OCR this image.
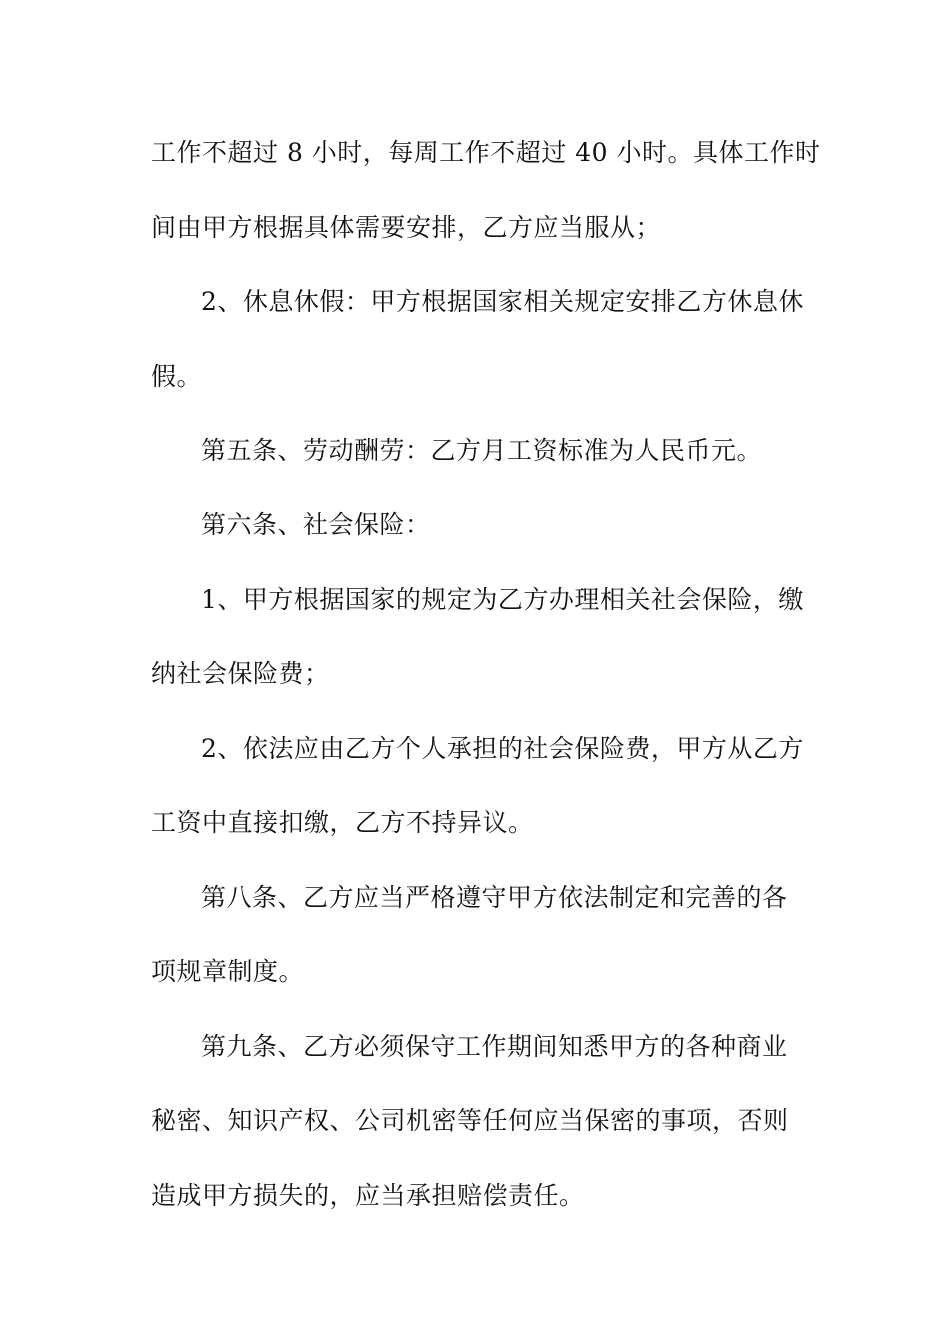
工作不超过 8 小时，每周工作不超过 40 小时。具体工作时
间由甲方根据具体需要安排，乙方应当服从；
2、休息休假：甲方根据国家相关规定安排乙方休息休
假。
第五条、劳动酬劳：乙方月工资标准为人民币元。
第六条、社会保险：
1、甲方根据国家的规定为乙方办理相关社会保险，缴
纳社会保险费；
2、依法应由乙方个人承担的社会保险费，甲方从乙方
工资中直接扣缴，乙方不持异议。
第八条、乙方应当严格遵守甲方依法制定和完善的各
项规章制度。
第九条、乙方必须保守工作期间知悉甲方的各种商业
秘密、知识产权、公司机密等任何应当保密的事项，否则
造成甲方损失的，应当承担赔偿责任。
